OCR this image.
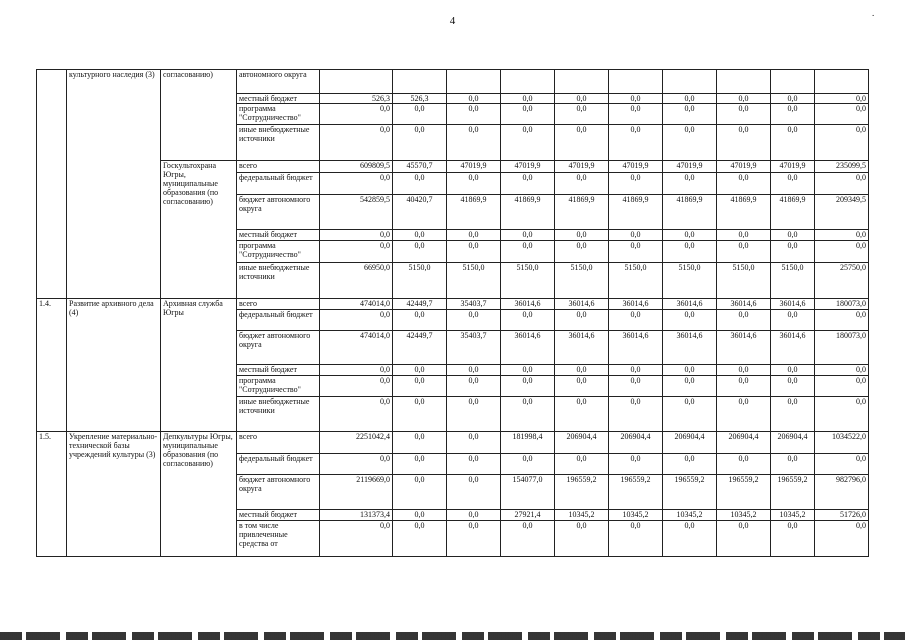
4
.
	культурного наследия (3)	согласованию)	автономного округа										
			местный бюджет	526,3	526,3	0,0	0,0	0,0	0,0	0,0	0,0	0,0	0,0
			программа "Сотрудничество"	0,0	0,0	0,0	0,0	0,0	0,0	0,0	0,0	0,0	0,0
			иные внебюджетные источники	0,0	0,0	0,0	0,0	0,0	0,0	0,0	0,0	0,0	0,0
		Госкультохрана Югры, муниципальные образования (по согласованию)	всего	609809,5	45570,7	47019,9	47019,9	47019,9	47019,9	47019,9	47019,9	47019,9	235099,5
			федеральный бюджет	0,0	0,0	0,0	0,0	0,0	0,0	0,0	0,0	0,0	0,0
			бюджет автономного округа	542859,5	40420,7	41869,9	41869,9	41869,9	41869,9	41869,9	41869,9	41869,9	209349,5
			местный бюджет	0,0	0,0	0,0	0,0	0,0	0,0	0,0	0,0	0,0	0,0
			программа "Сотрудничество"	0,0	0,0	0,0	0,0	0,0	0,0	0,0	0,0	0,0	0,0
			иные внебюджетные источники	66950,0	5150,0	5150,0	5150,0	5150,0	5150,0	5150,0	5150,0	5150,0	25750,0
1.4.	Развитие архивного дела (4)	Архивная служба Югры	всего	474014,0	42449,7	35403,7	36014,6	36014,6	36014,6	36014,6	36014,6	36014,6	180073,0
			федеральный бюджет	0,0	0,0	0,0	0,0	0,0	0,0	0,0	0,0	0,0	0,0
			бюджет автономного округа	474014,0	42449,7	35403,7	36014,6	36014,6	36014,6	36014,6	36014,6	36014,6	180073,0
			местный бюджет	0,0	0,0	0,0	0,0	0,0	0,0	0,0	0,0	0,0	0,0
			программа "Сотрудничество"	0,0	0,0	0,0	0,0	0,0	0,0	0,0	0,0	0,0	0,0
			иные внебюджетные источники	0,0	0,0	0,0	0,0	0,0	0,0	0,0	0,0	0,0	0,0
1.5.	Укрепление материально-технической базы учреждений культуры (3)	Депкультуры Югры, муниципальные образования (по согласованию)	всего	2251042,4	0,0	0,0	181998,4	206904,4	206904,4	206904,4	206904,4	206904,4	1034522,0
			федеральный бюджет	0,0	0,0	0,0	0,0	0,0	0,0	0,0	0,0	0,0	0,0
			бюджет автономного округа	2119669,0	0,0	0,0	154077,0	196559,2	196559,2	196559,2	196559,2	196559,2	982796,0
			местный бюджет	131373,4	0,0	0,0	27921,4	10345,2	10345,2	10345,2	10345,2	10345,2	51726,0
			в том числе привлеченные средства от	0,0	0,0	0,0	0,0	0,0	0,0	0,0	0,0	0,0	0,0
